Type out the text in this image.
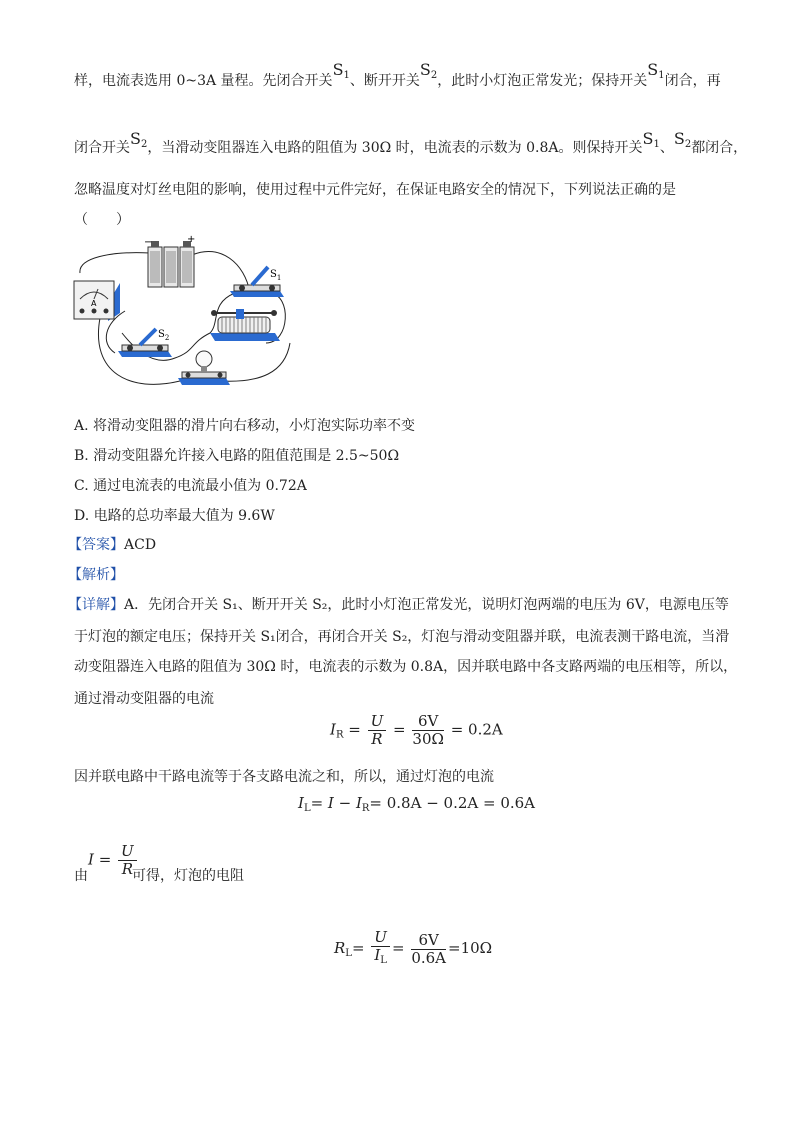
样，电流表选用 0~3A 量程。先闭合开关$S^1$、断开开关$S^2$，此时小灯泡正常发光；保持开关$S^1$闭合，再
闭合开关$S^2$，当滑动变阻器连入电路的阻值为 30Ω 时，电流表的示数为 0.8A。则保持开关$S^1$、$S^2$都闭合，
忽略温度对灯丝电阻的影响，使用过程中元件完好，在保证电路安全的情况下，下列说法正确的是
（　　）
−	+
A
$S_1$
$S_2$
A. 将滑动变阻器的滑片向右移动，小灯泡实际功率不变
B. 滑动变阻器允许接入电路的阻值范围是 2.5~50Ω
C. 通过电流表的电流最小值为 0.72A
D. 电路的总功率最大值为 9.6W
【答案】ACD
【解析】
【详解】A．先闭合开关 S₁、断开开关 S₂，此时小灯泡正常发光，说明灯泡两端的电压为 6V，电源电压等
于灯泡的额定电压；保持开关 S₁闭合，再闭合开关 S₂，灯泡与滑动变阻器并联，电流表测干路电流，当滑
动变阻器连入电路的阻值为 30Ω 时，电流表的示数为 0.8A，因并联电路中各支路两端的电压相等，所以，
通过滑动变阻器的电流
$I_R = \frac{U}{R} = \frac{6V}{30\Omega} = 0.2A$
因并联电路中干路电流等于各支路电流之和，所以，通过灯泡的电流
$I_L= I - I_R= 0.8A - 0.2A = 0.6A$
$I = \frac{U}{R}$
由	可得，灯泡的电阻
$R_L= \frac{U}{I_L} = \frac{6V}{0.6A} =10\Omega$
